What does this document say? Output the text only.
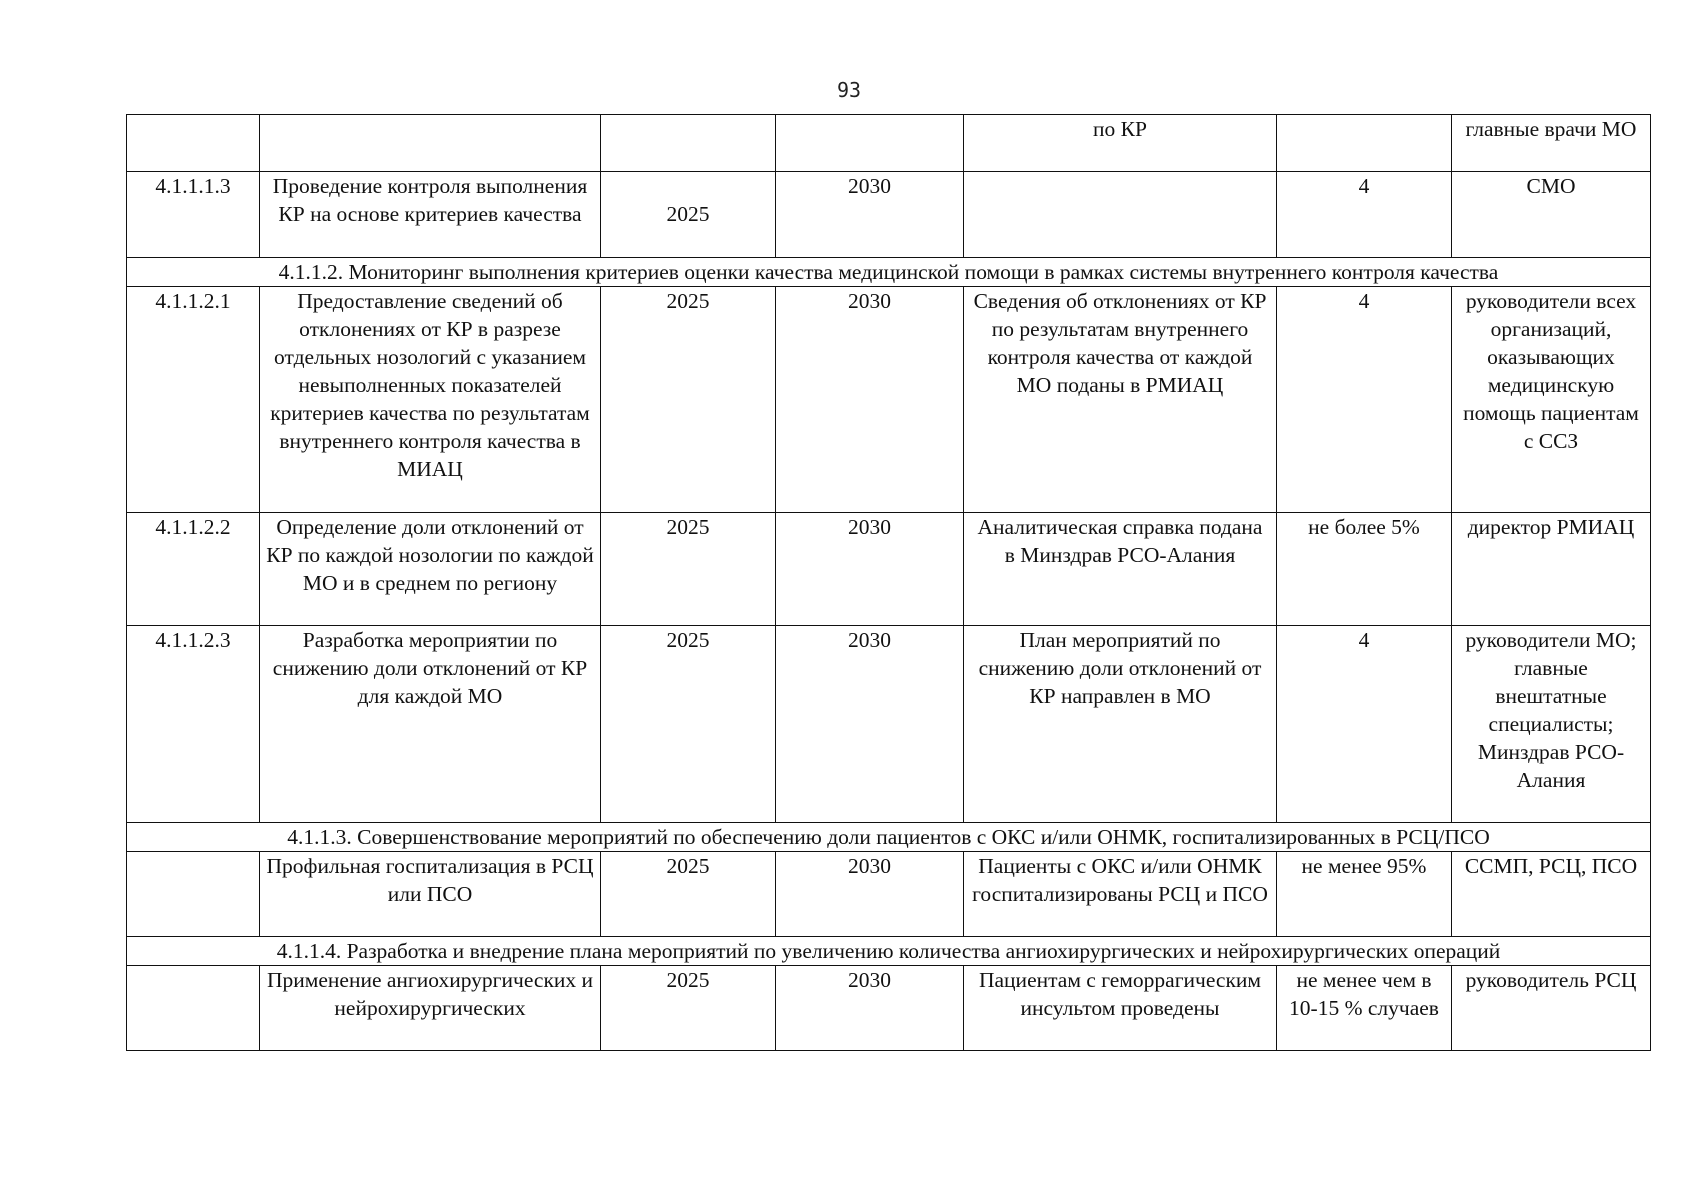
93
				по КР		главные врачи МО
4.1.1.1.3	Проведение контроля выполнения КР на основе критериев качества	2025	2030		4	СМО
4.1.1.2. Мониторинг выполнения критериев оценки качества медицинской помощи в рамках системы внутреннего контроля качества						
4.1.1.2.1	Предоставление сведений об отклонениях от КР в разрезе отдельных нозологий с указанием невыполненных показателей критериев качества по результатам внутреннего контроля качества в МИАЦ	2025	2030	Сведения об отклонениях от КР по результатам внутреннего контроля качества от каждой МО поданы в РМИАЦ	4	руководители всех организаций, оказывающих медицинскую помощь пациентам с ССЗ
4.1.1.2.2	Определение доли отклонений от КР по каждой нозологии по каждой МО и в среднем по региону	2025	2030	Аналитическая справка подана в Минздрав РСО-Алания	не более 5%	директор РМИАЦ
4.1.1.2.3	Разработка мероприятии по снижению доли отклонений от КР для каждой МО	2025	2030	План мероприятий по снижению доли отклонений от КР направлен в МО	4	руководители МО; главные внештатные специалисты; Минздрав РСО-Алания
4.1.1.3. Совершенствование мероприятий по обеспечению доли пациентов с ОКС и/или ОНМК, госпитализированных в РСЦ/ПСО						
	Профильная госпитализация в РСЦ или ПСО	2025	2030	Пациенты с ОКС и/или ОНМК госпитализированы РСЦ и ПСО	не менее 95%	ССМП, РСЦ, ПСО
4.1.1.4. Разработка и внедрение плана мероприятий по увеличению количества ангиохирургических и нейрохирургических операций						
	Применение ангиохирургических и нейрохирургических	2025	2030	Пациентам с геморрагическим инсультом проведены	не менее чем в 10-15 % случаев	руководитель РСЦ
